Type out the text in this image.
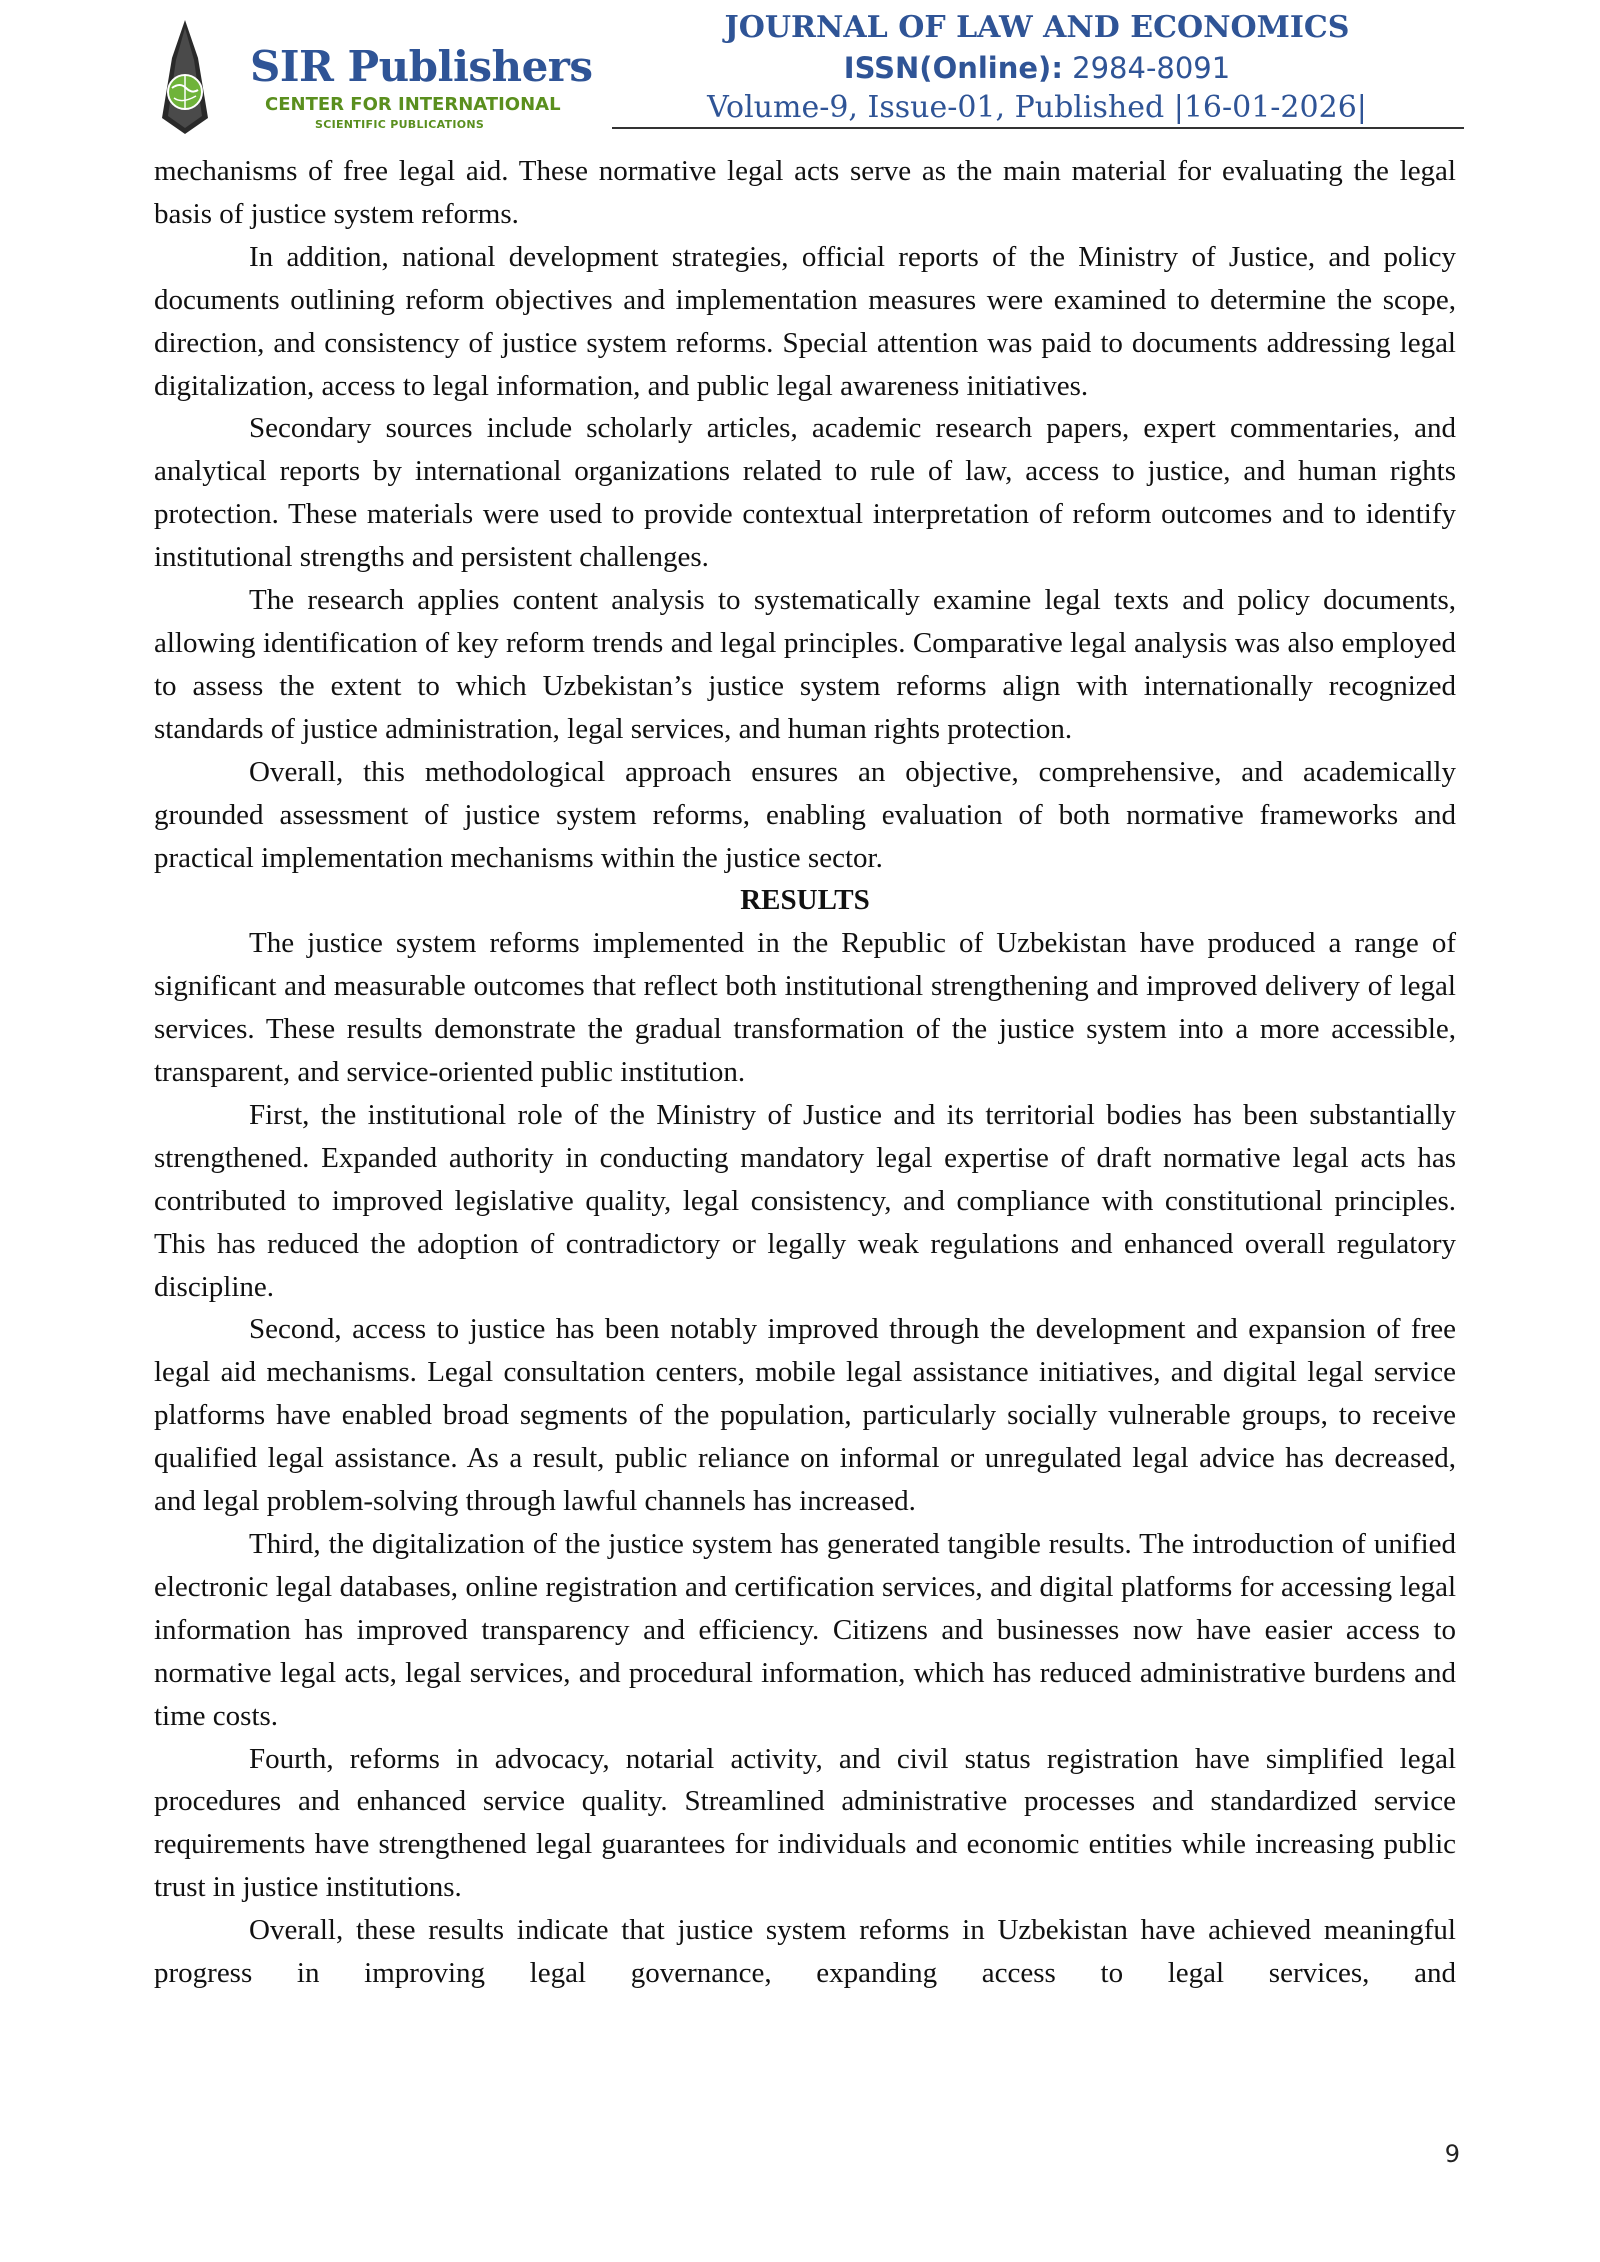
SIR Publishers
CENTER FOR INTERNATIONAL
SCIENTIFIC PUBLICATIONS
JOURNAL OF LAW AND ECONOMICS
ISSN(Online): 2984-8091
Volume-9, Issue-01, Published |16-01-2026|

mechanisms of free legal aid. These normative legal acts serve as the main material for evaluating the legal basis of justice system reforms.

In addition, national development strategies, official reports of the Ministry of Justice, and policy documents outlining reform objectives and implementation measures were examined to determine the scope, direction, and consistency of justice system reforms. Special attention was paid to documents addressing legal digitalization, access to legal information, and public legal awareness initiatives.

Secondary sources include scholarly articles, academic research papers, expert commentaries, and analytical reports by international organizations related to rule of law, access to justice, and human rights protection. These materials were used to provide contextual interpretation of reform outcomes and to identify institutional strengths and persistent challenges.

The research applies content analysis to systematically examine legal texts and policy documents, allowing identification of key reform trends and legal principles. Comparative legal analysis was also employed to assess the extent to which Uzbekistan’s justice system reforms align with internationally recognized standards of justice administration, legal services, and human rights protection.

Overall, this methodological approach ensures an objective, comprehensive, and academically grounded assessment of justice system reforms, enabling evaluation of both normative frameworks and practical implementation mechanisms within the justice sector.

RESULTS

The justice system reforms implemented in the Republic of Uzbekistan have produced a range of significant and measurable outcomes that reflect both institutional strengthening and improved delivery of legal services. These results demonstrate the gradual transformation of the justice system into a more accessible, transparent, and service-oriented public institution.

First, the institutional role of the Ministry of Justice and its territorial bodies has been substantially strengthened. Expanded authority in conducting mandatory legal expertise of draft normative legal acts has contributed to improved legislative quality, legal consistency, and compliance with constitutional principles. This has reduced the adoption of contradictory or legally weak regulations and enhanced overall regulatory discipline.

Second, access to justice has been notably improved through the development and expansion of free legal aid mechanisms. Legal consultation centers, mobile legal assistance initiatives, and digital legal service platforms have enabled broad segments of the population, particularly socially vulnerable groups, to receive qualified legal assistance. As a result, public reliance on informal or unregulated legal advice has decreased, and legal problem-solving through lawful channels has increased.

Third, the digitalization of the justice system has generated tangible results. The introduction of unified electronic legal databases, online registration and certification services, and digital platforms for accessing legal information has improved transparency and efficiency. Citizens and businesses now have easier access to normative legal acts, legal services, and procedural information, which has reduced administrative burdens and time costs.

Fourth, reforms in advocacy, notarial activity, and civil status registration have simplified legal procedures and enhanced service quality. Streamlined administrative processes and standardized service requirements have strengthened legal guarantees for individuals and economic entities while increasing public trust in justice institutions.

Overall, these results indicate that justice system reforms in Uzbekistan have achieved meaningful progress in improving legal governance, expanding access to legal services, and

9
